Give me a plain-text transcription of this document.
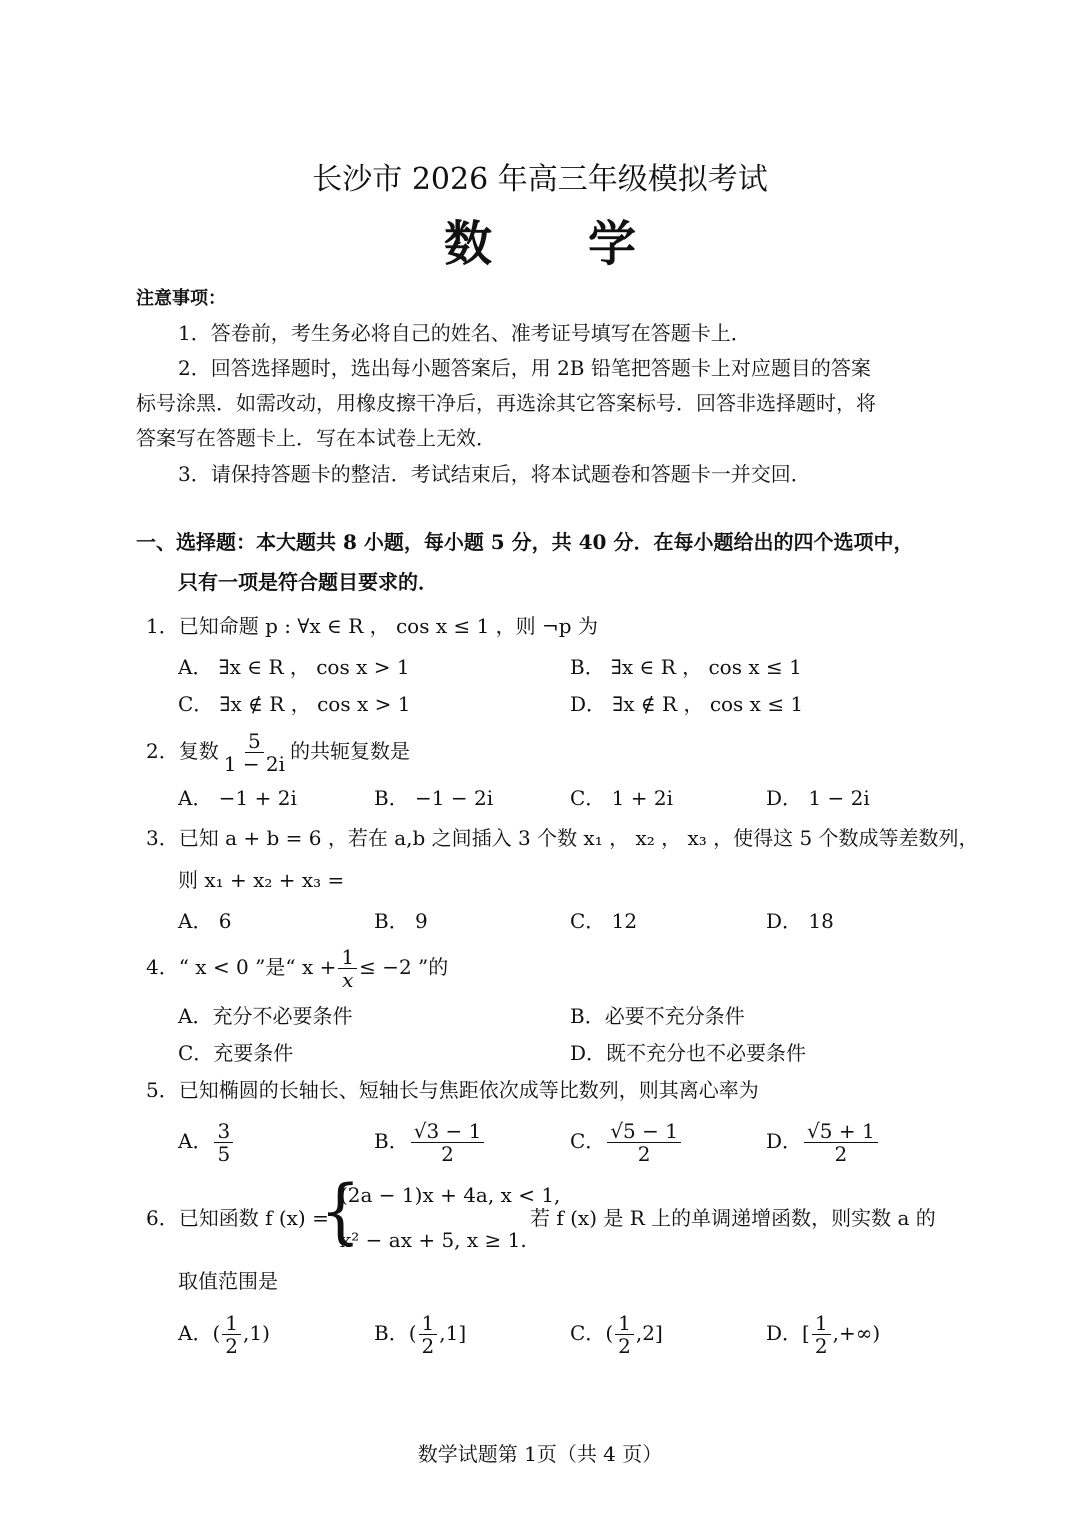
长沙市 2026 年高三年级模拟考试
数　　学
注意事项：
1．答卷前，考生务必将自己的姓名、准考证号填写在答题卡上．
2．回答选择题时，选出每小题答案后，用 2B 铅笔把答题卡上对应题目的答案
标号涂黑．如需改动，用橡皮擦干净后，再选涂其它答案标号．回答非选择题时，将
答案写在答题卡上．写在本试卷上无效．
3．请保持答题卡的整洁．考试结束后，将本试题卷和答题卡一并交回．
一、选择题：本大题共 8 小题，每小题 5 分，共 40 分．在每小题给出的四个选项中，
只有一项是符合题目要求的．
1．已知命题 p : ∀x ∈ R ， cos x ≤ 1 ，则 ¬p 为
A． ∃x ∈ R ， cos x > 1	B． ∃x ∈ R ， cos x ≤ 1
C． ∃x ∉ R ， cos x > 1	D． ∃x ∉ R ， cos x ≤ 1
2．复数 $\frac{5}{1 - 2i}$ 的共轭复数是
A． −1 + 2i	B． −1 − 2i	C． 1 + 2i	D． 1 − 2i
3．已知 a + b = 6 ，若在 a,b 之间插入 3 个数 x₁ ， x₂ ， x₃ ，使得这 5 个数成等差数列，
则 x₁ + x₂ + x₃ =
A． 6	B． 9	C． 12	D． 18
4．“ x < 0 ”是“ $x + \frac{1}{x} \le -2$ ”的
A．充分不必要条件	B．必要不充分条件
C．充要条件	D．既不充分也不必要条件
5．已知椭圆的长轴长、短轴长与焦距依次成等比数列，则其离心率为
A． $\frac{3}{5}$	B． $\frac{√3 - 1}{2}$	C． $\frac{√5 - 1}{2}$	D． $\frac{√5 + 1}{2}$
6．已知函数 f (x) =
{
(2a − 1)x + 4a, x < 1,
x² − ax + 5, x ≥ 1.
若 f (x) 是 R 上的单调递增函数，则实数 a 的
取值范围是
A．( $\frac{1}{2} ,1$)	B．( $\frac{1}{2} ,1$]	C．( $\frac{1}{2} ,2$]	D．[ $\frac{1}{2}$ ,+∞)
数学试题第 1页（共 4 页）
